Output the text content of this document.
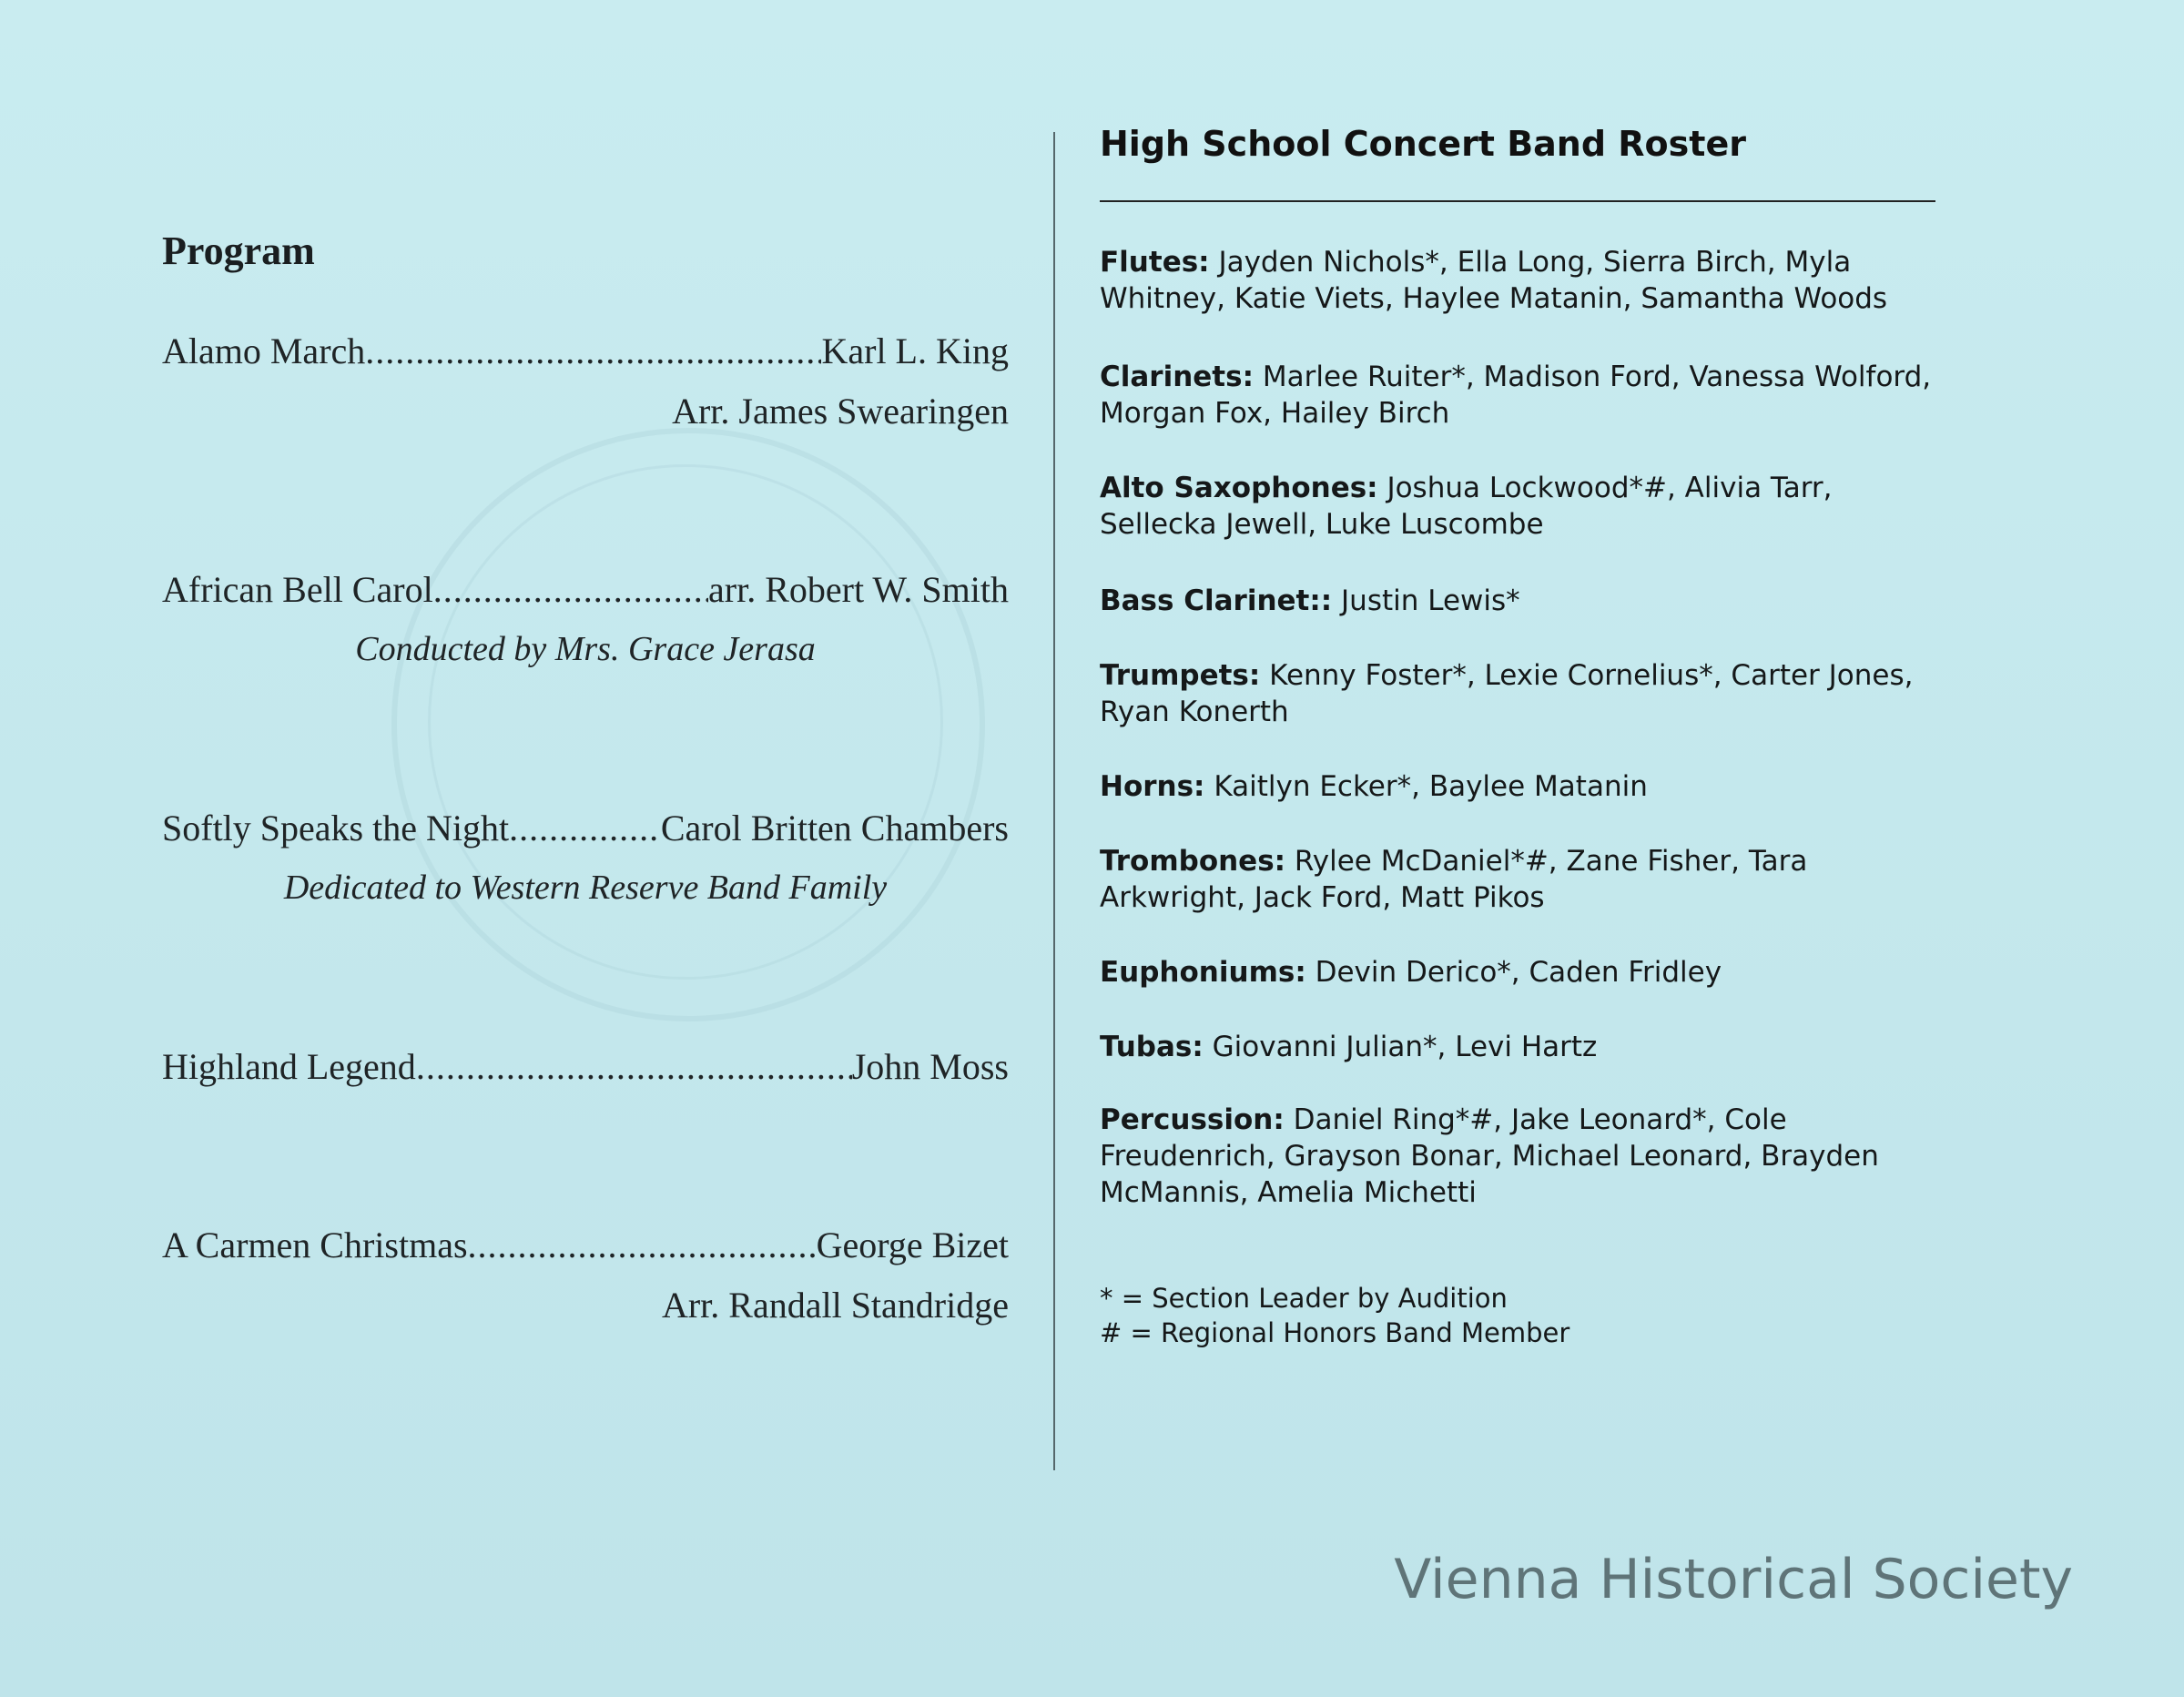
Program
Alamo March .....	Karl L. King
Arr. James Swearingen
African Bell Carol .....	arr. Robert W. Smith
Conducted by Mrs. Grace Jerasa
Softly Speaks the Night .....	Carol Britten Chambers
Dedicated to Western Reserve Band Family
Highland Legend .....	John Moss
A Carmen Christmas .....	George Bizet
Arr. Randall Standridge
High School Concert Band Roster
Flutes: Jayden Nichols*, Ella Long, Sierra Birch, Myla Whitney, Katie Viets, Haylee Matanin, Samantha Woods
Clarinets: Marlee Ruiter*, Madison Ford, Vanessa Wolford, Morgan Fox, Hailey Birch
Alto Saxophones: Joshua Lockwood*#, Alivia Tarr, Sellecka Jewell, Luke Luscombe
Bass Clarinet:: Justin Lewis*
Trumpets: Kenny Foster*, Lexie Cornelius*, Carter Jones, Ryan Konerth
Horns: Kaitlyn Ecker*, Baylee Matanin
Trombones: Rylee McDaniel*#, Zane Fisher, Tara Arkwright, Jack Ford, Matt Pikos
Euphoniums: Devin Derico*, Caden Fridley
Tubas: Giovanni Julian*, Levi Hartz
Percussion: Daniel Ring*#, Jake Leonard*, Cole Freudenrich, Grayson Bonar, Michael Leonard, Brayden McMannis, Amelia Michetti
* = Section Leader by Audition
# = Regional Honors Band Member
Vienna Historical Society
